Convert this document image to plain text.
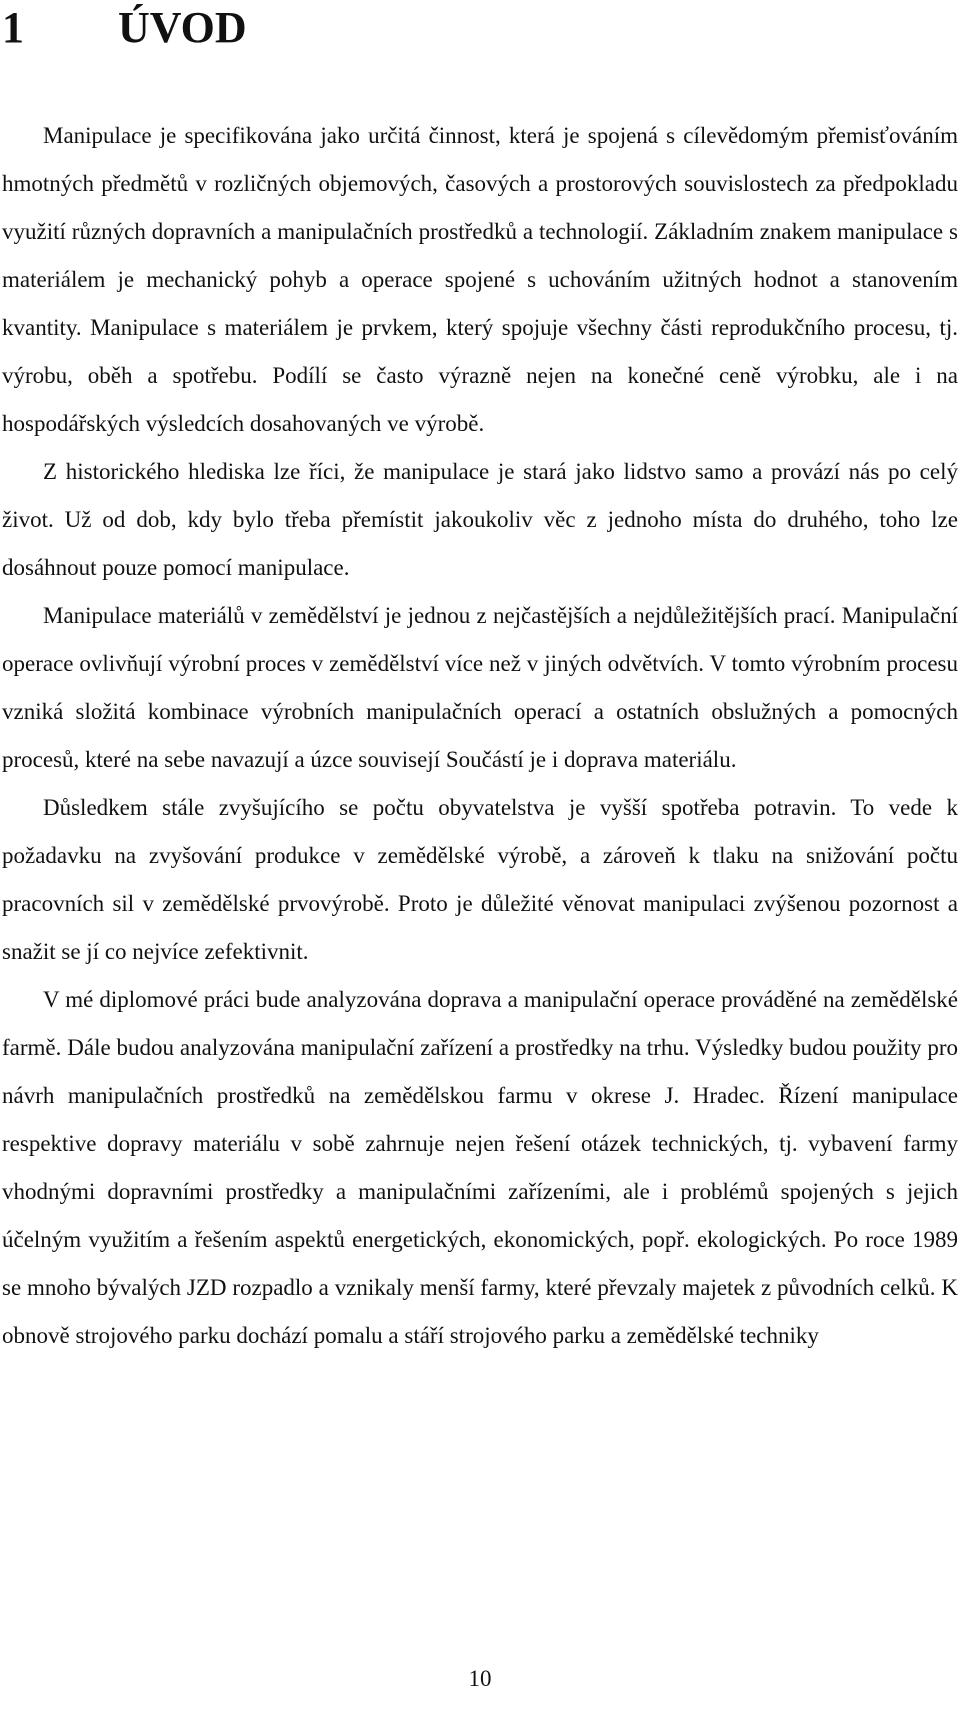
1 ÚVOD

Manipulace je specifikována jako určitá činnost, která je spojená s cílevědomým přemisťováním hmotných předmětů v rozličných objemových, časových a prostorových souvislostech za předpokladu využití různých dopravních a manipulačních prostředků a technologií. Základním znakem manipulace s materiálem je mechanický pohyb a operace spojené s uchováním užitných hodnot a stanovením kvantity. Manipulace s materiálem je prvkem, který spojuje všechny části reprodukčního procesu, tj. výrobu, oběh a spotřebu. Podílí se často výrazně nejen na konečné ceně výrobku, ale i na hospodářských výsledcích dosahovaných ve výrobě.

Z historického hlediska lze říci, že manipulace je stará jako lidstvo samo a provází nás po celý život. Už od dob, kdy bylo třeba přemístit jakoukoliv věc z jednoho místa do druhého, toho lze dosáhnout pouze pomocí manipulace.

Manipulace materiálů v zemědělství je jednou z nejčastějších a nejdůležitějších prací. Manipulační operace ovlivňují výrobní proces v zemědělství více než v jiných odvětvích. V tomto výrobním procesu vzniká složitá kombinace výrobních manipulačních operací a ostatních obslužných a pomocných procesů, které na sebe navazují a úzce souvisejí Součástí je i doprava materiálu.

Důsledkem stále zvyšujícího se počtu obyvatelstva je vyšší spotřeba potravin. To vede k požadavku na zvyšování produkce v zemědělské výrobě, a zároveň k tlaku na snižování počtu pracovních sil v zemědělské prvovýrobě. Proto je důležité věnovat manipulaci zvýšenou pozornost a snažit se jí co nejvíce zefektivnit.

V mé diplomové práci bude analyzována doprava a manipulační operace prováděné na zemědělské farmě. Dále budou analyzována manipulační zařízení a prostředky na trhu. Výsledky budou použity pro návrh manipulačních prostředků na zemědělskou farmu v okrese J. Hradec. Řízení manipulace respektive dopravy materiálu v sobě zahrnuje nejen řešení otázek technických, tj. vybavení farmy vhodnými dopravními prostředky a manipulačními zařízeními, ale i problémů spojených s jejich účelným využitím a řešením aspektů energetických, ekonomických, popř. ekologických. Po roce 1989 se mnoho bývalých JZD rozpadlo a vznikaly menší farmy, které převzaly majetek z původních celků. K obnově strojového parku dochází pomalu a stáří strojového parku a zemědělské techniky

10
